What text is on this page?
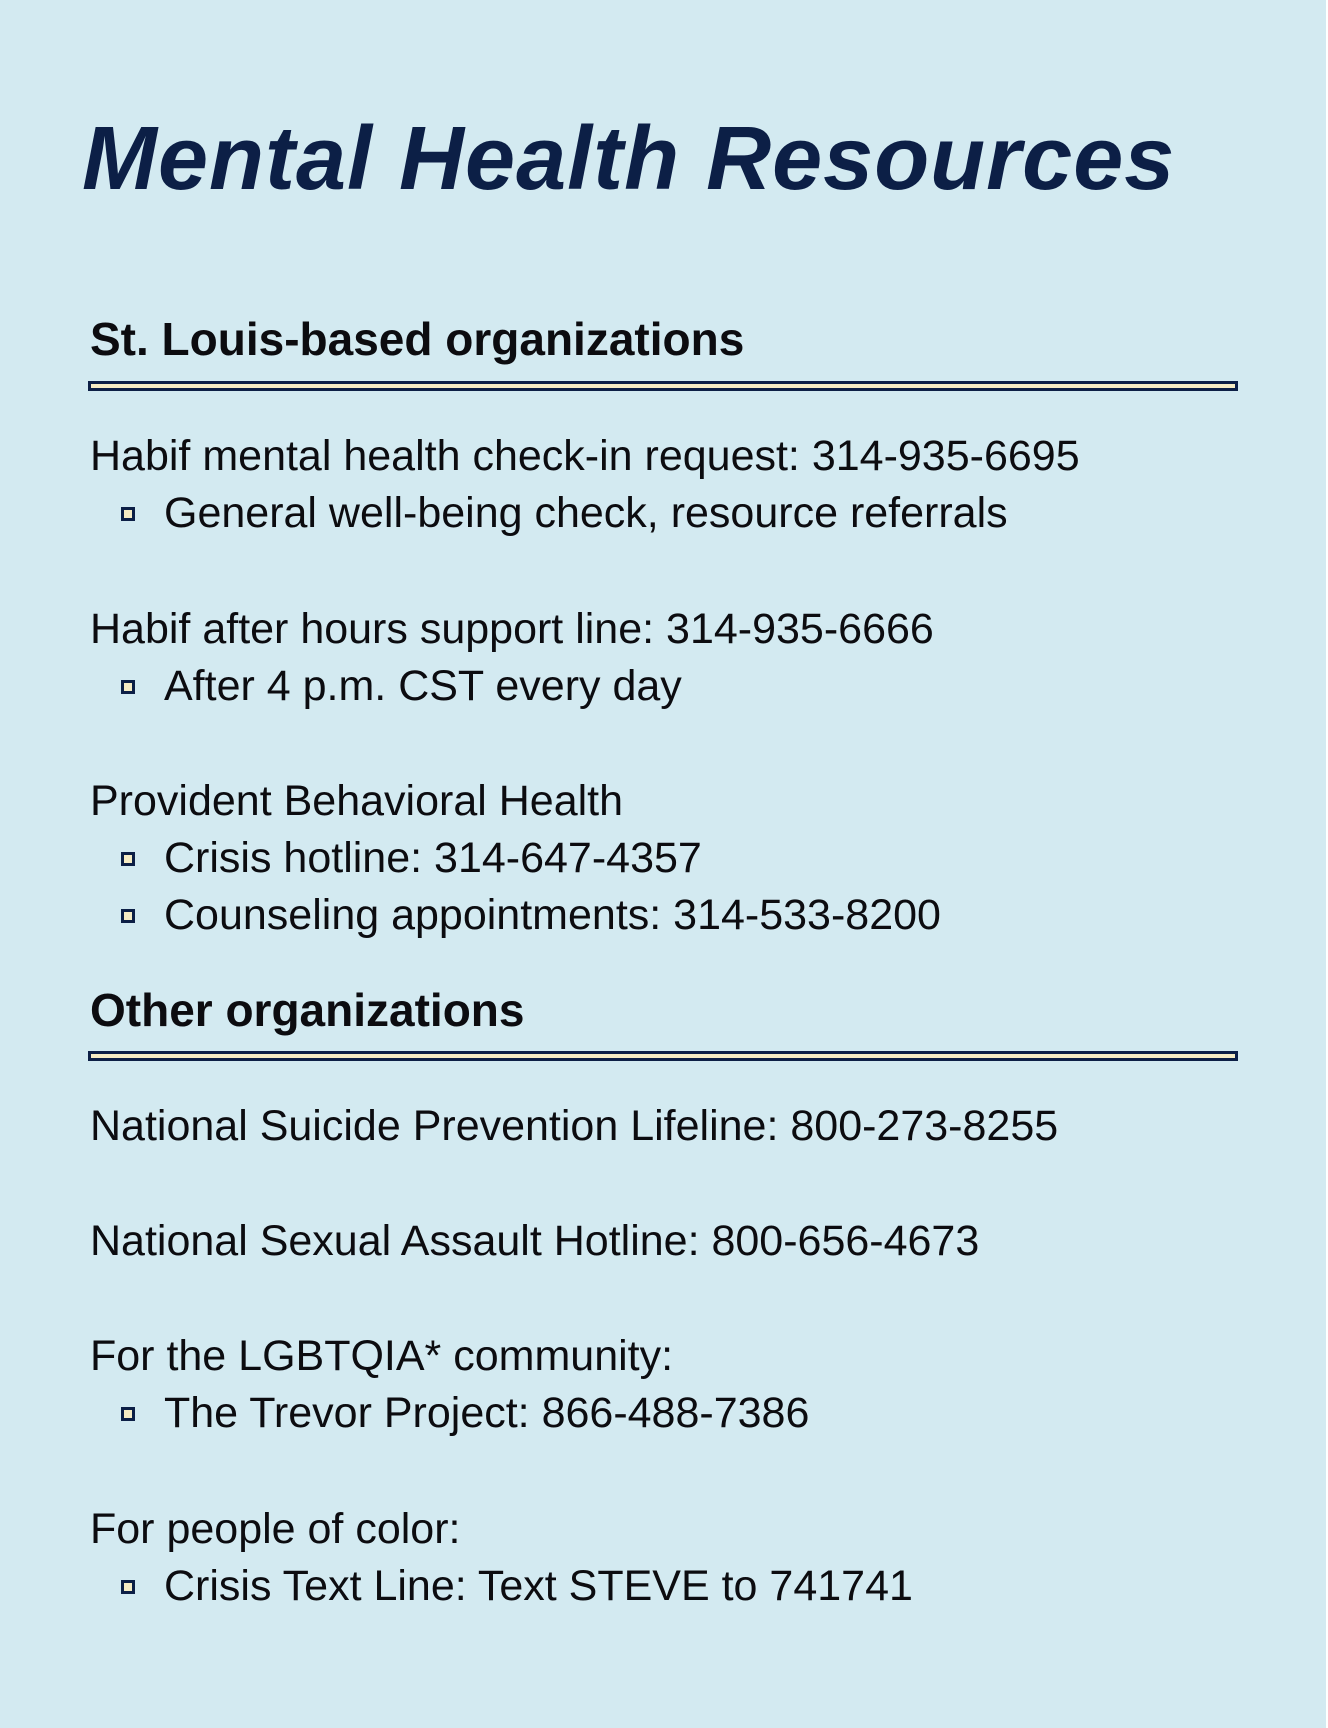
Mental Health Resources
St. Louis-based organizations
Habif mental health check-in request: 314-935-6695
General well-being check, resource referrals
Habif after hours support line: 314-935-6666
After 4 p.m. CST every day
Provident Behavioral Health
Crisis hotline: 314-647-4357
Counseling appointments: 314-533-8200
Other organizations
National Suicide Prevention Lifeline: 800-273-8255
National Sexual Assault Hotline: 800-656-4673
For the LGBTQIA* community:
The Trevor Project: 866-488-7386
For people of color:
Crisis Text Line: Text STEVE to 741741
